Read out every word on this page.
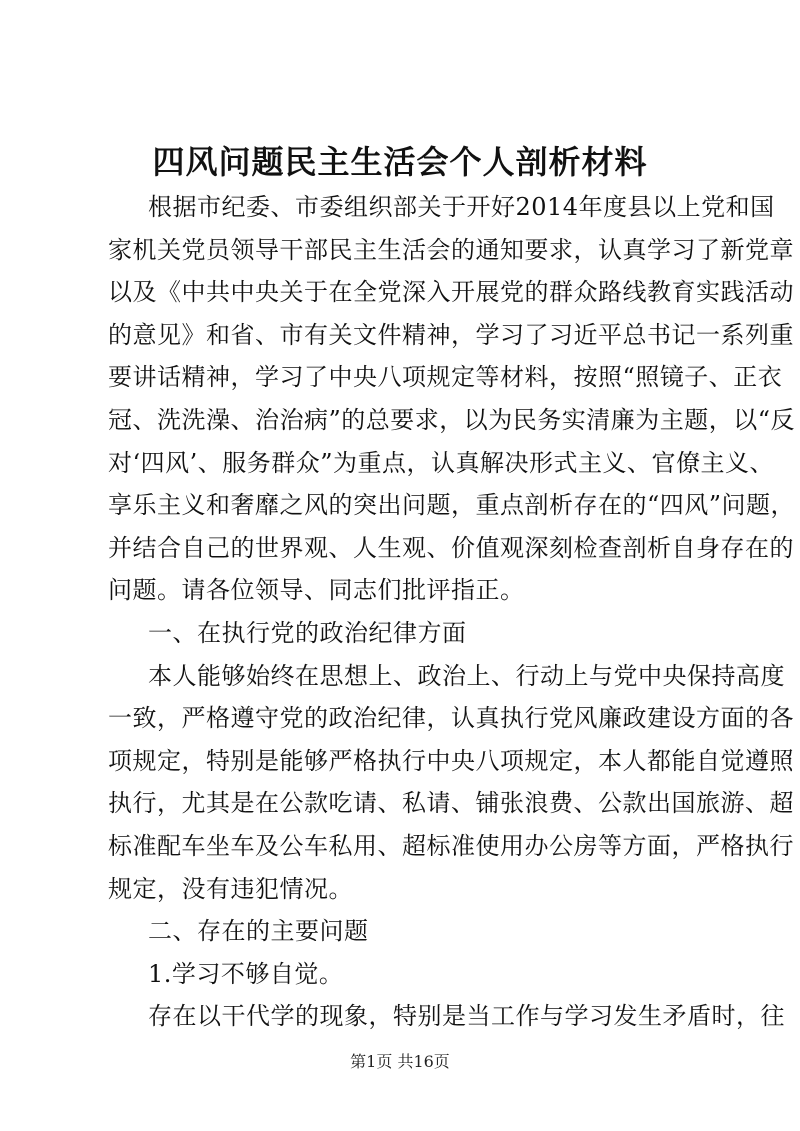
四风问题民主生活会个人剖析材料
根据市纪委、市委组织部关于开好2014年度县以上党和国
家机关党员领导干部民主生活会的通知要求，认真学习了新党章
以及《中共中央关于在全党深入开展党的群众路线教育实践活动
的意见》和省、市有关文件精神，学习了习近平总书记一系列重
要讲话精神，学习了中央八项规定等材料，按照“照镜子、正衣
冠、洗洗澡、治治病”的总要求，以为民务实清廉为主题，以“反
对‘四风’、服务群众”为重点，认真解决形式主义、官僚主义、
享乐主义和奢靡之风的突出问题，重点剖析存在的“四风”问题，
并结合自己的世界观、人生观、价值观深刻检查剖析自身存在的
问题。请各位领导、同志们批评指正。
一、在执行党的政治纪律方面
本人能够始终在思想上、政治上、行动上与党中央保持高度
一致，严格遵守党的政治纪律，认真执行党风廉政建设方面的各
项规定，特别是能够严格执行中央八项规定，本人都能自觉遵照
执行，尤其是在公款吃请、私请、铺张浪费、公款出国旅游、超
标准配车坐车及公车私用、超标准使用办公房等方面，严格执行
规定，没有违犯情况。
二、存在的主要问题
1.学习不够自觉。
存在以干代学的现象，特别是当工作与学习发生矛盾时，往
第1页 共16页
